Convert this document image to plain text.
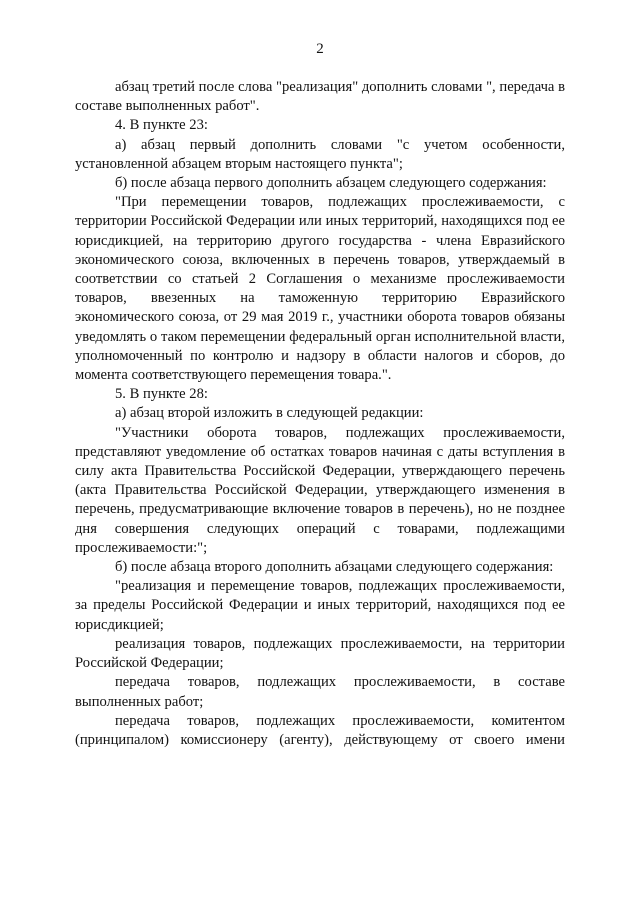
2

абзац третий после слова "реализация" дополнить словами ", передача в составе выполненных работ".

4. В пункте 23:

а) абзац первый дополнить словами "с учетом особенности, установленной абзацем вторым настоящего пункта";

б) после абзаца первого дополнить абзацем следующего содержания:

"При перемещении товаров, подлежащих прослеживаемости, с территории Российской Федерации или иных территорий, находящихся под ее юрисдикцией, на территорию другого государства - члена Евразийского экономического союза, включенных в перечень товаров, утверждаемый в соответствии со статьей 2 Соглашения о механизме прослеживаемости товаров, ввезенных на таможенную территорию Евразийского экономического союза, от 29 мая 2019 г., участники оборота товаров обязаны уведомлять о таком перемещении федеральный орган исполнительной власти, уполномоченный по контролю и надзору в области налогов и сборов, до момента соответствующего перемещения товара.".

5. В пункте 28:

а) абзац второй изложить в следующей редакции:

"Участники оборота товаров, подлежащих прослеживаемости, представляют уведомление об остатках товаров начиная с даты вступления в силу акта Правительства Российской Федерации, утверждающего перечень (акта Правительства Российской Федерации, утверждающего изменения в перечень, предусматривающие включение товаров в перечень), но не позднее дня совершения следующих операций с товарами, подлежащими прослеживаемости:";

б) после абзаца второго дополнить абзацами следующего содержания:

"реализация и перемещение товаров, подлежащих прослеживаемости, за пределы Российской Федерации и иных территорий, находящихся под ее юрисдикцией;

реализация товаров, подлежащих прослеживаемости, на территории Российской Федерации;

передача товаров, подлежащих прослеживаемости, в составе выполненных работ;

передача товаров, подлежащих прослеживаемости, комитентом (принципалом) комиссионеру (агенту), действующему от своего имени
